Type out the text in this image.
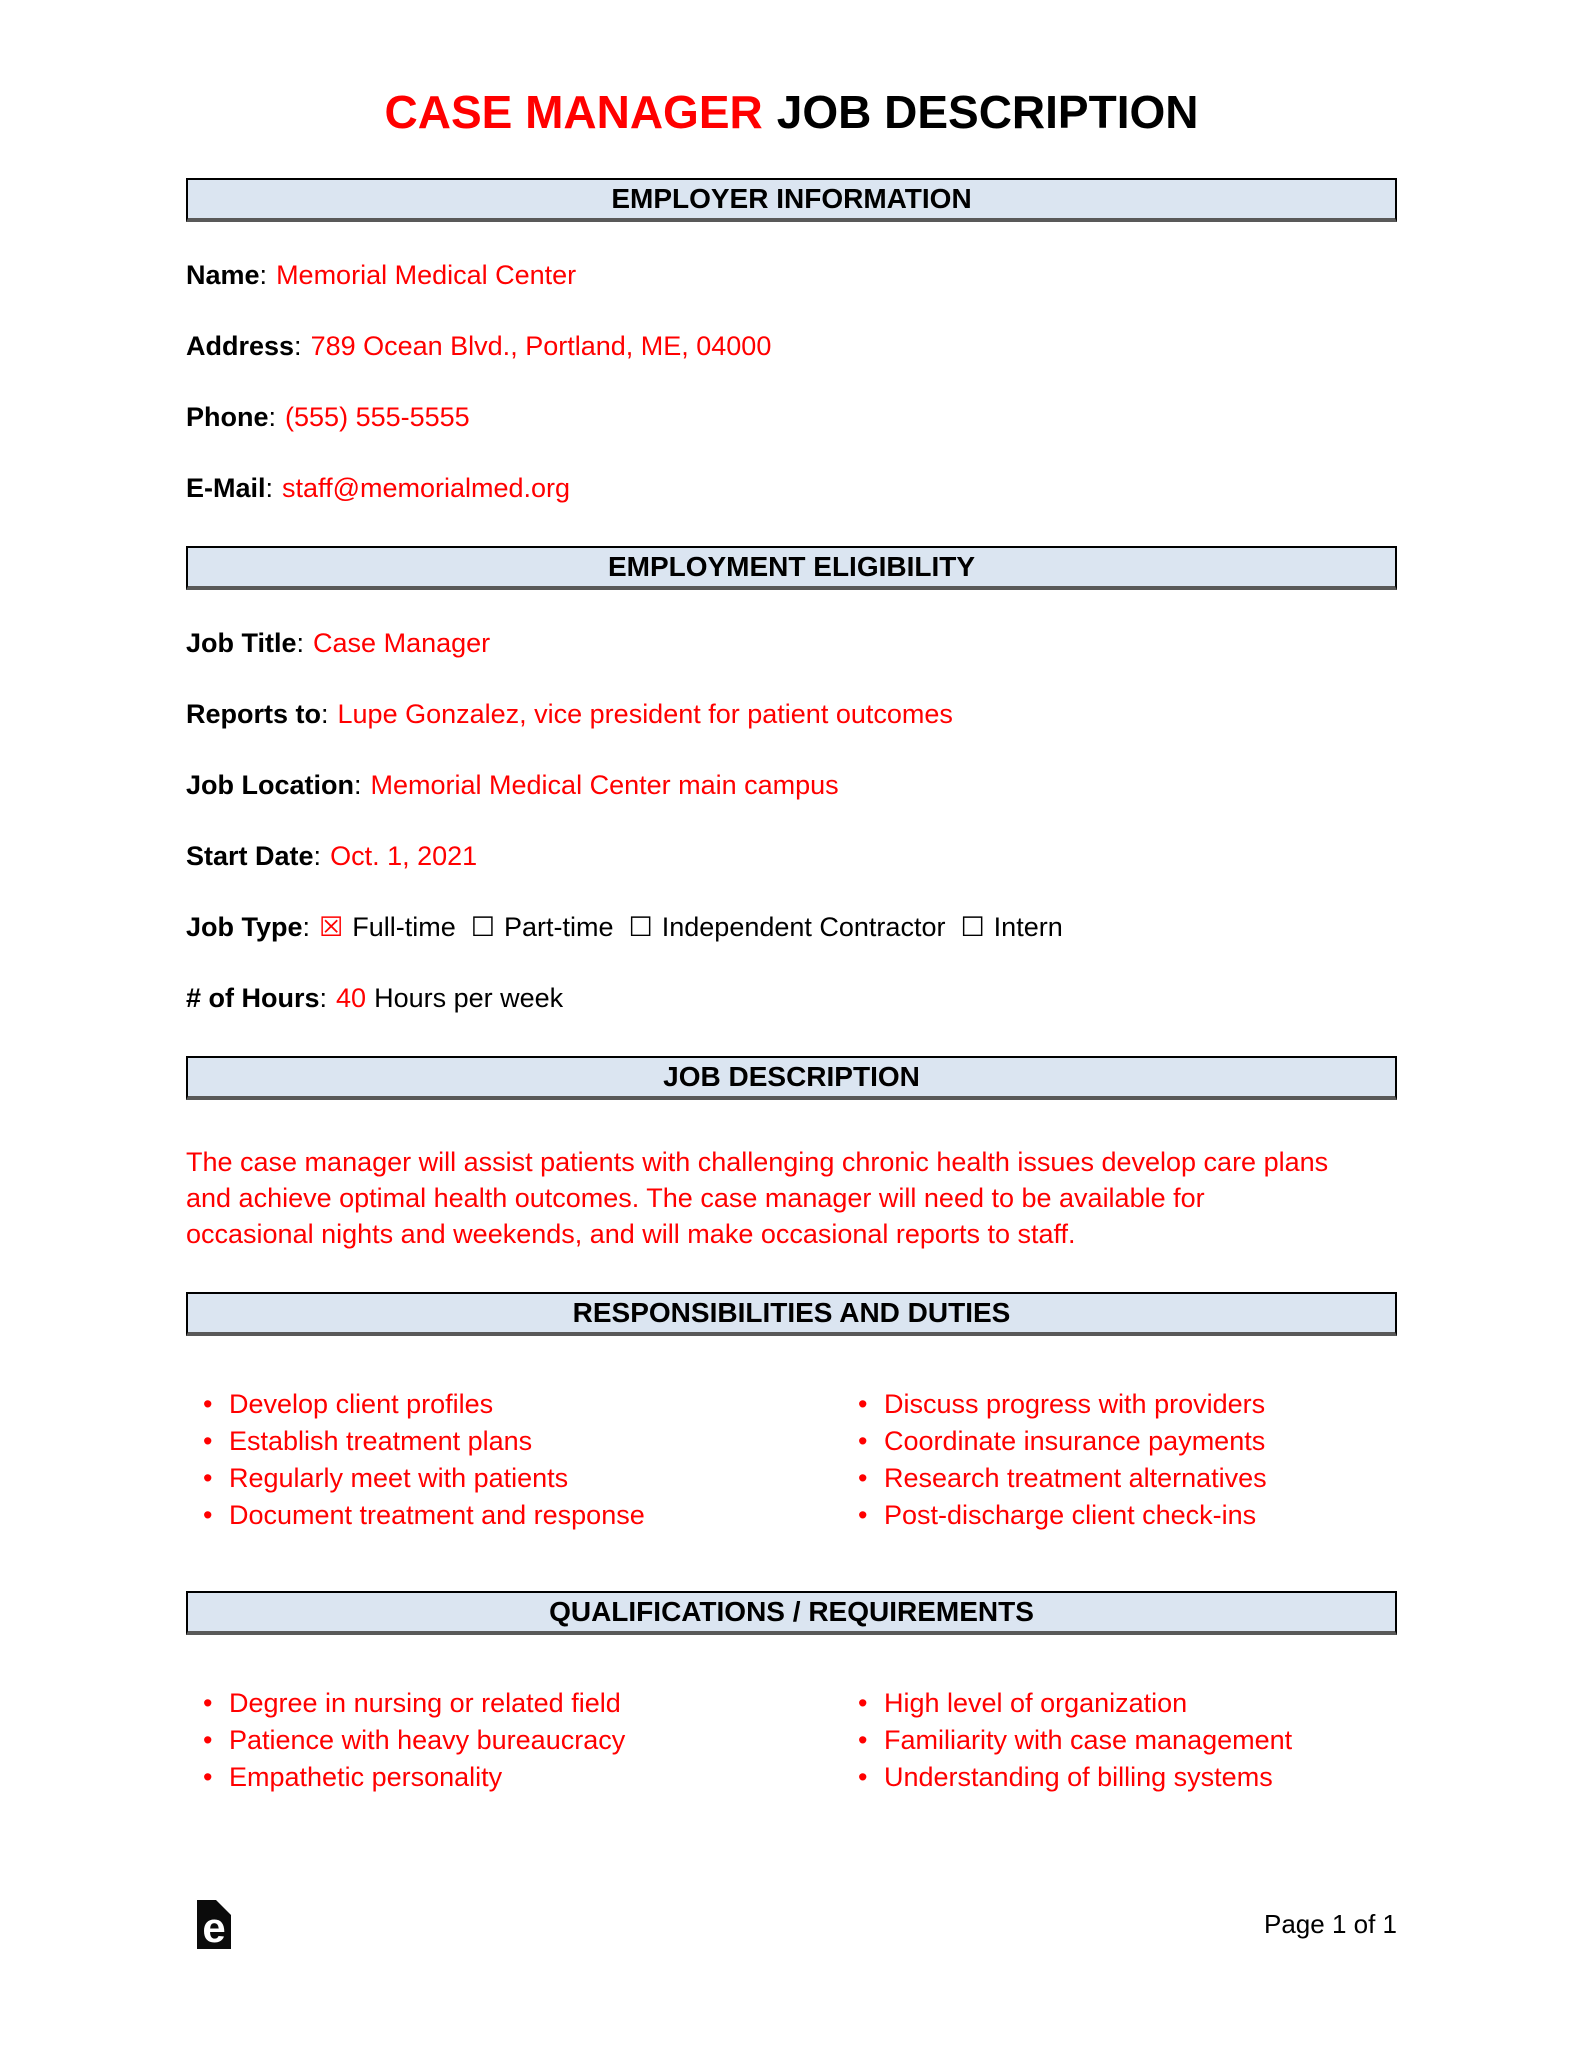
CASE MANAGER JOB DESCRIPTION
EMPLOYER INFORMATION

Name: Memorial Medical Center

Address: 789 Ocean Blvd., Portland, ME, 04000

Phone: (555) 555-5555

E-Mail: staff@memorialmed.org

EMPLOYMENT ELIGIBILITY

Job Title: Case Manager

Reports to: Lupe Gonzalez, vice president for patient outcomes

Job Location: Memorial Medical Center main campus

Start Date: Oct. 1, 2021

Job Type: ☒ Full-time ☐ Part-time ☐ Independent Contractor ☐ Intern

# of Hours: 40 Hours per week

JOB DESCRIPTION

The case manager will assist patients with challenging chronic health issues develop care plans and achieve optimal health outcomes. The case manager will need to be available for occasional nights and weekends, and will make occasional reports to staff.

RESPONSIBILITIES AND DUTIES
• Develop client profiles
• Establish treatment plans
• Regularly meet with patients
• Document treatment and response
• Discuss progress with providers
• Coordinate insurance payments
• Research treatment alternatives
• Post-discharge client check-ins
QUALIFICATIONS / REQUIREMENTS
• Degree in nursing or related field
• Patience with heavy bureaucracy
• Empathetic personality
• High level of organization
• Familiarity with case management
• Understanding of billing systems
e	Page 1 of 1
